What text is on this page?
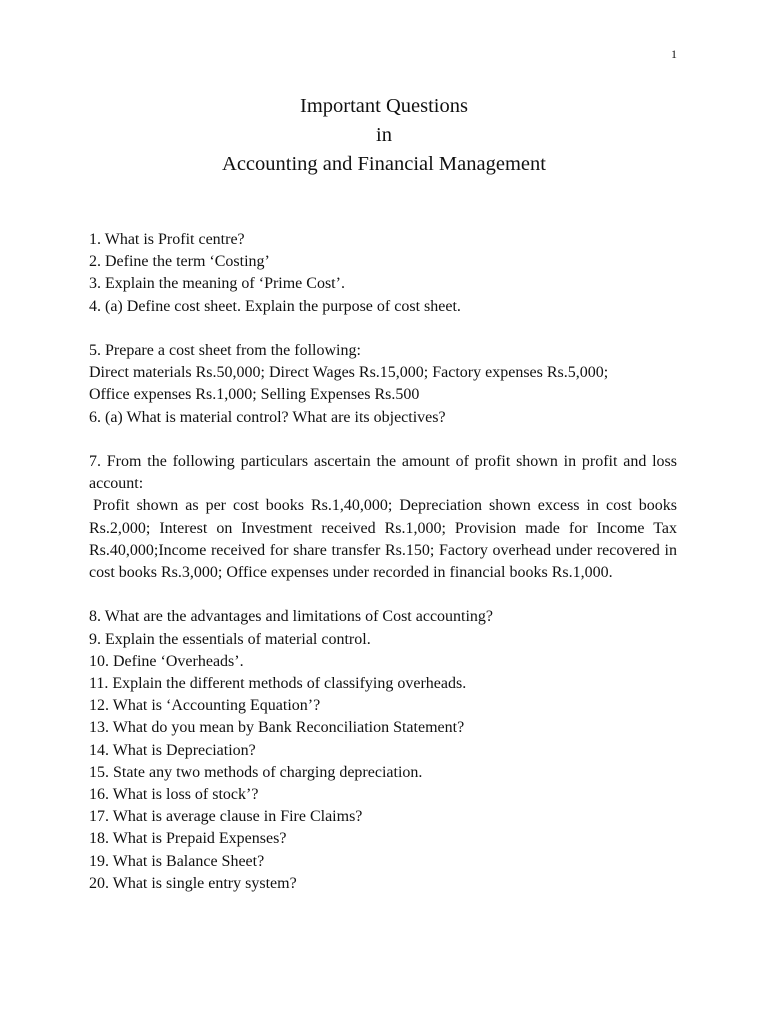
1
Important Questions
in
Accounting and Financial Management
1. What is Profit centre?
2. Define the term ‘Costing’
3. Explain the meaning of ‘Prime Cost’.
4. (a) Define cost sheet. Explain the purpose of cost sheet.
5. Prepare a cost sheet from the following:
Direct materials Rs.50,000; Direct Wages Rs.15,000; Factory expenses Rs.5,000;
Office expenses Rs.1,000; Selling Expenses Rs.500
6. (a) What is material control? What are its objectives?
7. From the following particulars ascertain the amount of profit shown in profit and loss account:
Profit shown as per cost books Rs.1,40,000; Depreciation shown excess in cost books Rs.2,000; Interest on Investment received Rs.1,000; Provision made for Income Tax Rs.40,000;Income received for share transfer Rs.150; Factory overhead under recovered in cost books Rs.3,000; Office expenses under recorded in financial books Rs.1,000.
8. What are the advantages and limitations of Cost accounting?
9. Explain the essentials of material control.
10. Define ‘Overheads’.
11. Explain the different methods of classifying overheads.
12. What is ‘Accounting Equation’?
13. What do you mean by Bank Reconciliation Statement?
14. What is Depreciation?
15. State any two methods of charging depreciation.
16. What is loss of stock’?
17. What is average clause in Fire Claims?
18. What is Prepaid Expenses?
19. What is Balance Sheet?
20. What is single entry system?
